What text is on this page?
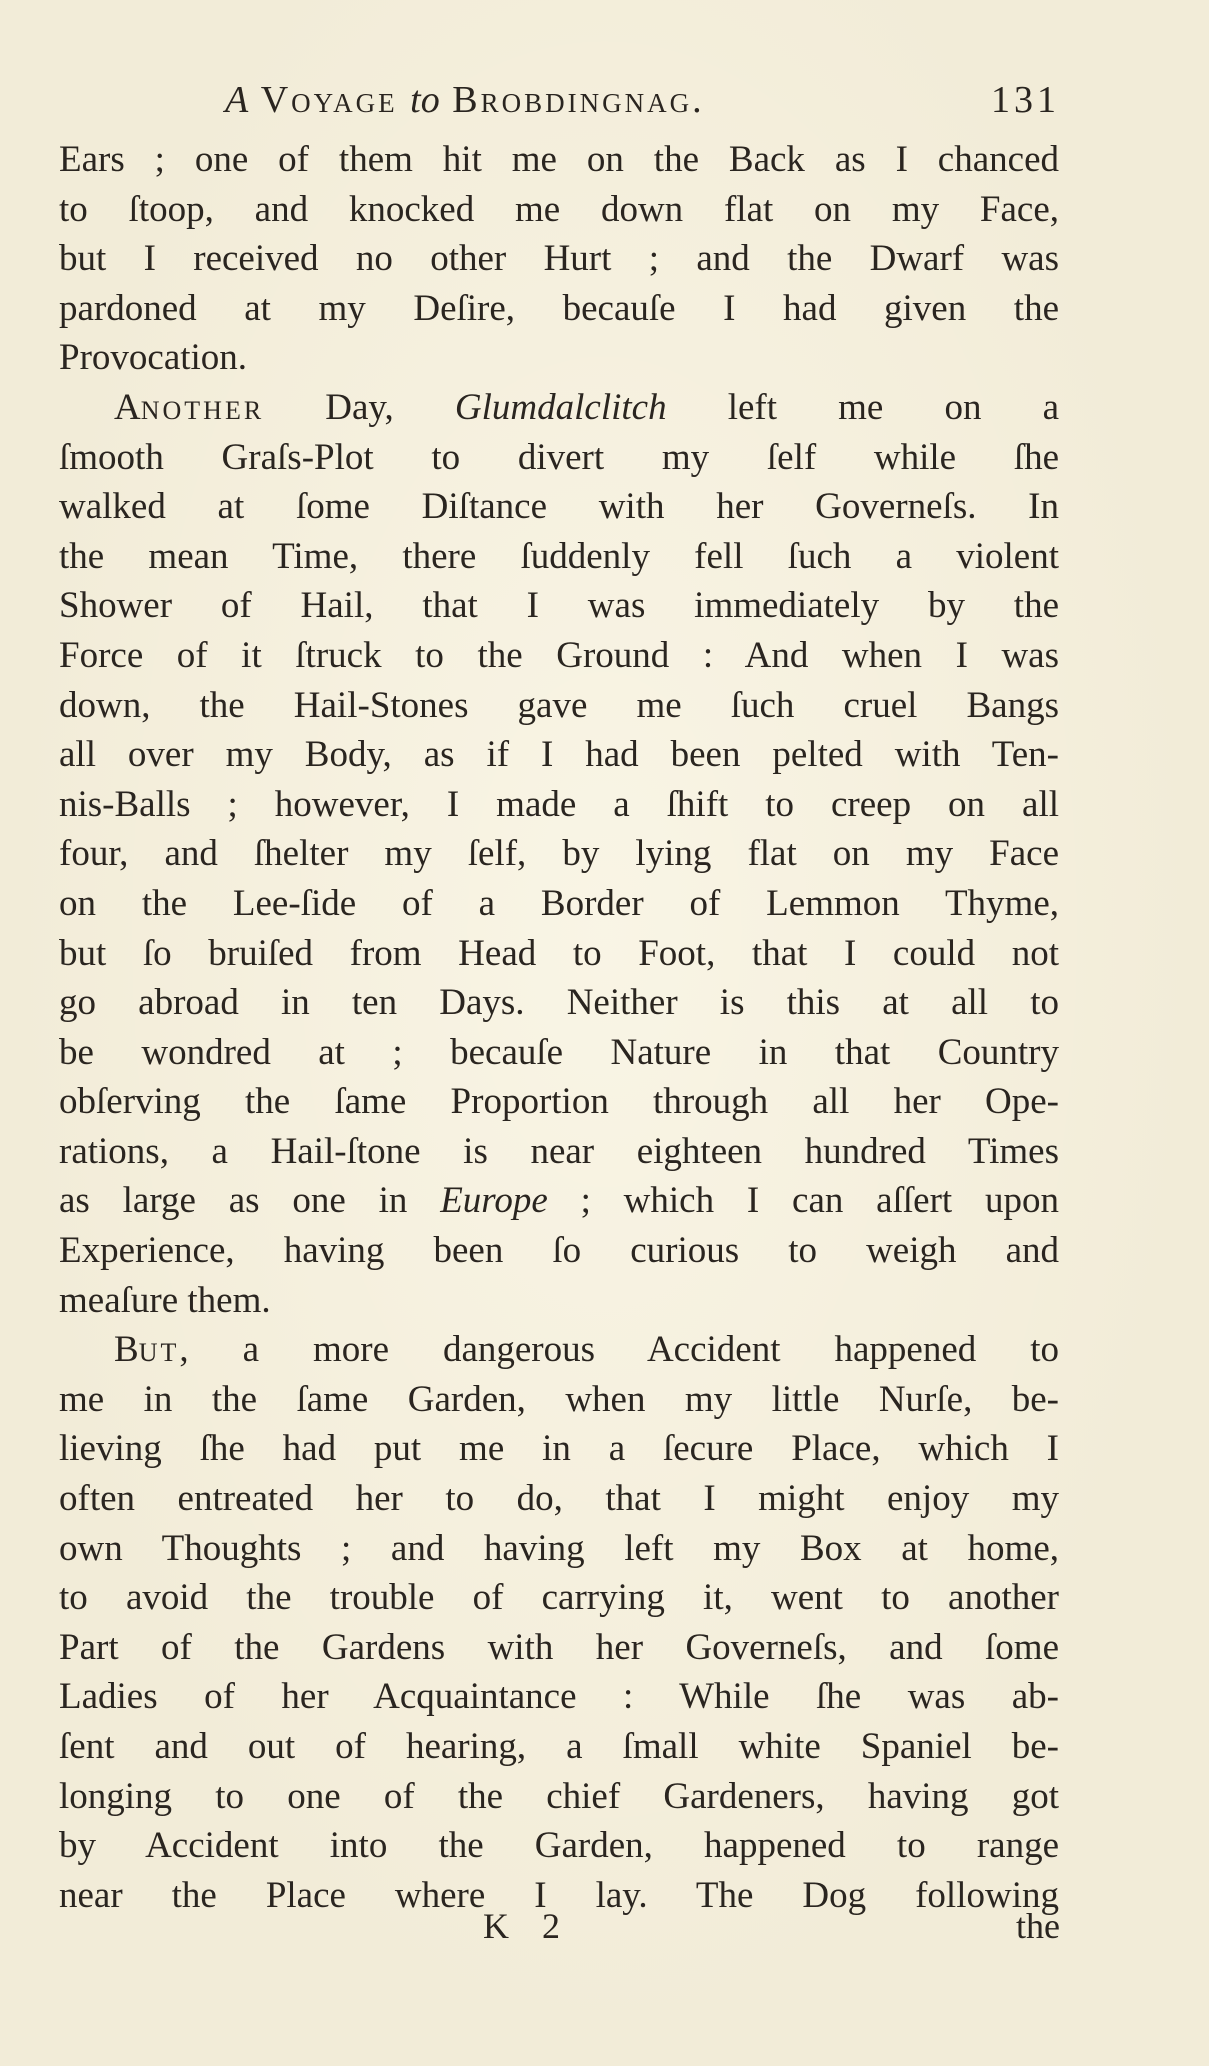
A Voyage to Brobdingnag.	131
Ears ; one of them hit me on the Back as I chanced
to ſtoop, and knocked me down flat on my Face,
but I received no other Hurt ; and the Dwarf was
pardoned at my Deſire, becauſe I had given the
Provocation.
Another Day, Glumdalclitch left me on a
ſmooth Graſs-Plot to divert my ſelf while ſhe
walked at ſome Diſtance with her Governeſs. In
the mean Time, there ſuddenly fell ſuch a violent
Shower of Hail, that I was immediately by the
Force of it ſtruck to the Ground : And when I was
down, the Hail-Stones gave me ſuch cruel Bangs
all over my Body, as if I had been pelted with Ten-
nis-Balls ; however, I made a ſhift to creep on all
four, and ſhelter my ſelf, by lying flat on my Face
on the Lee-ſide of a Border of Lemmon Thyme,
but ſo bruiſed from Head to Foot, that I could not
go abroad in ten Days. Neither is this at all to
be wondred at ; becauſe Nature in that Country
obſerving the ſame Proportion through all her Ope-
rations, a Hail-ſtone is near eighteen hundred Times
as large as one in Europe ; which I can aſſert upon
Experience, having been ſo curious to weigh and
meaſure them.
But, a more dangerous Accident happened to
me in the ſame Garden, when my little Nurſe, be-
lieving ſhe had put me in a ſecure Place, which I
often entreated her to do, that I might enjoy my
own Thoughts ; and having left my Box at home,
to avoid the trouble of carrying it, went to another
Part of the Gardens with her Governeſs, and ſome
Ladies of her Acquaintance : While ſhe was ab-
ſent and out of hearing, a ſmall white Spaniel be-
longing to one of the chief Gardeners, having got
by Accident into the Garden, happened to range
near the Place where I lay. The Dog following
K 2	the
